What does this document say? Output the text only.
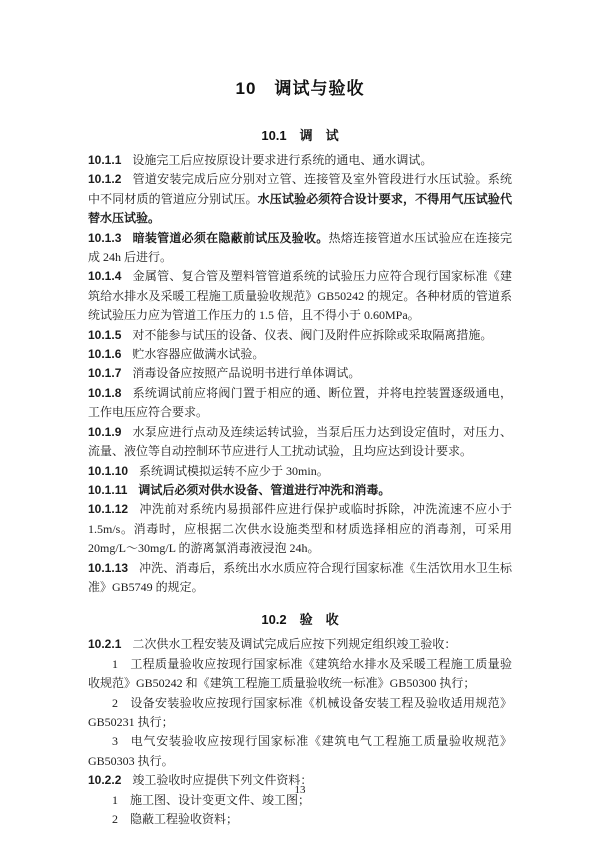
10　调试与验收
10.1　调　试

10.1.1 设施完工后应按原设计要求进行系统的通电、通水调试。

10.1.2 管道安装完成后应分别对立管、连接管及室外管段进行水压试验。系统中不同材质的管道应分别试压。水压试验必须符合设计要求，不得用气压试验代替水压试验。

10.1.3 暗装管道必须在隐蔽前试压及验收。热熔连接管道水压试验应在连接完成 24h 后进行。

10.1.4 金属管、复合管及塑料管管道系统的试验压力应符合现行国家标准《建筑给水排水及采暖工程施工质量验收规范》GB50242 的规定。各种材质的管道系统试验压力应为管道工作压力的 1.5 倍，且不得小于 0.60MPa。

10.1.5 对不能参与试压的设备、仪表、阀门及附件应拆除或采取隔离措施。

10.1.6 贮水容器应做满水试验。

10.1.7 消毒设备应按照产品说明书进行单体调试。

10.1.8 系统调试前应将阀门置于相应的通、断位置，并将电控装置逐级通电，工作电压应符合要求。

10.1.9 水泵应进行点动及连续运转试验，当泵后压力达到设定值时，对压力、流量、液位等自动控制环节应进行人工扰动试验，且均应达到设计要求。

10.1.10 系统调试模拟运转不应少于 30min。

10.1.11 调试后必须对供水设备、管道进行冲洗和消毒。

10.1.12 冲洗前对系统内易损部件应进行保护或临时拆除，冲洗流速不应小于 1.5m/s。消毒时，应根据二次供水设施类型和材质选择相应的消毒剂，可采用 20mg/L～30mg/L 的游离氯消毒液浸泡 24h。

10.1.13 冲洗、消毒后，系统出水水质应符合现行国家标准《生活饮用水卫生标准》GB5749 的规定。

10.2　验　收

10.2.1 二次供水工程安装及调试完成后应按下列规定组织竣工验收：

1 工程质量验收应按现行国家标准《建筑给水排水及采暖工程施工质量验收规范》GB50242 和《建筑工程施工质量验收统一标准》GB50300 执行；

2 设备安装验收应按现行国家标准《机械设备安装工程及验收适用规范》GB50231 执行；

3 电气安装验收应按现行国家标准《建筑电气工程施工质量验收规范》GB50303 执行。

10.2.2 竣工验收时应提供下列文件资料：

1 施工图、设计变更文件、竣工图；

2 隐蔽工程验收资料；

13
